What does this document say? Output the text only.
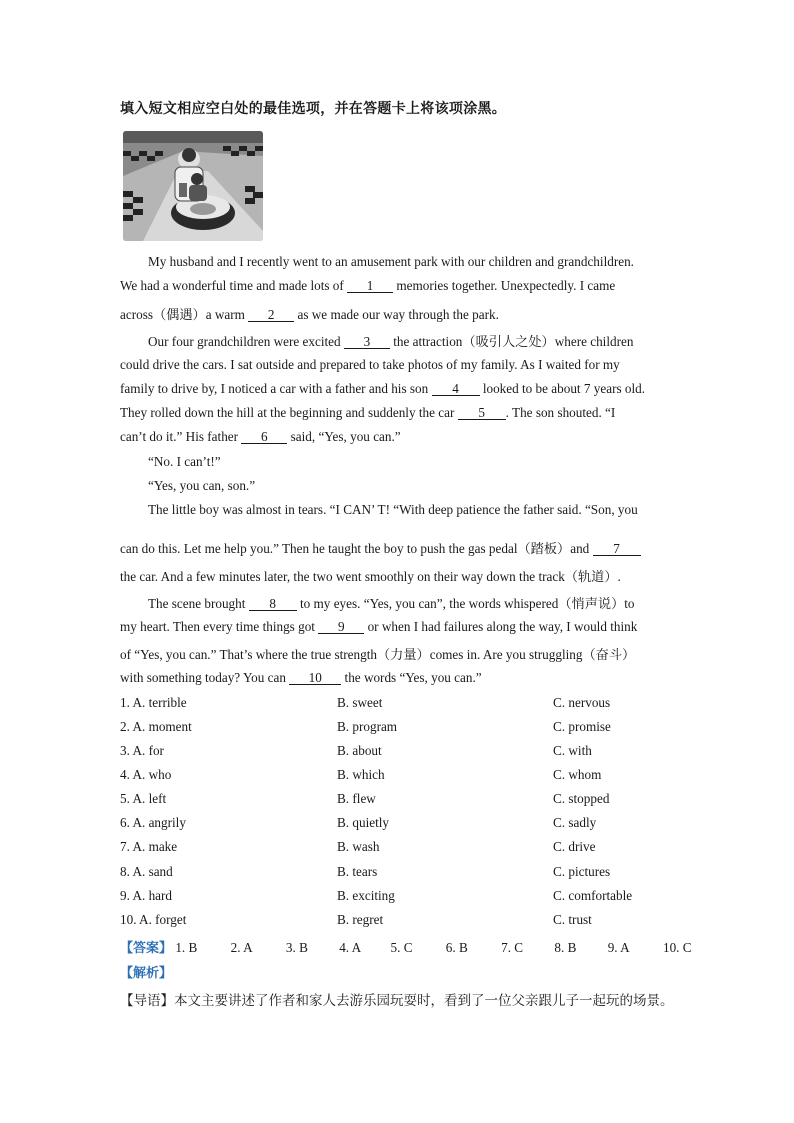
填入短文相应空白处的最佳选项，并在答题卡上将该项涂黑。
My husband and I recently went to an amusement park with our children and grandchildren.
We had a wonderful time and made lots of 1 memories together. Unexpectedly. I came
across（偶遇）a warm 2 as we made our way through the park.
Our four grandchildren were excited 3 the attraction（吸引人之处）where children
could drive the cars. I sat outside and prepared to take photos of my family. As I waited for my
family to drive by, I noticed a car with a father and his son 4 looked to be about 7 years old.
They rolled down the hill at the beginning and suddenly the car 5 . The son shouted. “I
can’t do it.” His father 6 said, “Yes, you can.”
“No. I can’t!”
“Yes, you can, son.”
The little boy was almost in tears. “I CAN’ T! “With deep patience the father said. “Son, you
can do this. Let me help you.” Then he taught the boy to push the gas pedal（踏板）and 7
the car. And a few minutes later, the two went smoothly on their way down the track（轨道）.
The scene brought 8 to my eyes. “Yes, you can”, the words whispered（悄声说）to
my heart. Then every time things got 9 or when I had failures along the way, I would think
of “Yes, you can.” That’s where the true strength（力量）comes in. Are you struggling（奋斗）
with something today? You can 10 the words “Yes, you can.”
1. A. terrible	B. sweet	C. nervous
2. A. moment	B. program	C. promise
3. A. for	B. about	C. with
4. A. who	B. which	C. whom
5. A. left	B. flew	C. stopped
6. A. angrily	B. quietly	C. sadly
7. A. make	B. wash	C. drive
8. A. sand	B. tears	C. pictures
9. A. hard	B. exciting	C. comfortable
10. A. forget	B. regret	C. trust
【答案】 1. B	2. A	3. B 4. A 5. C	6. B	7. C 8. B 9. A	10. C
【解析】
【导语】本文主要讲述了作者和家人去游乐园玩耍时，看到了一位父亲跟儿子一起玩的场景。
